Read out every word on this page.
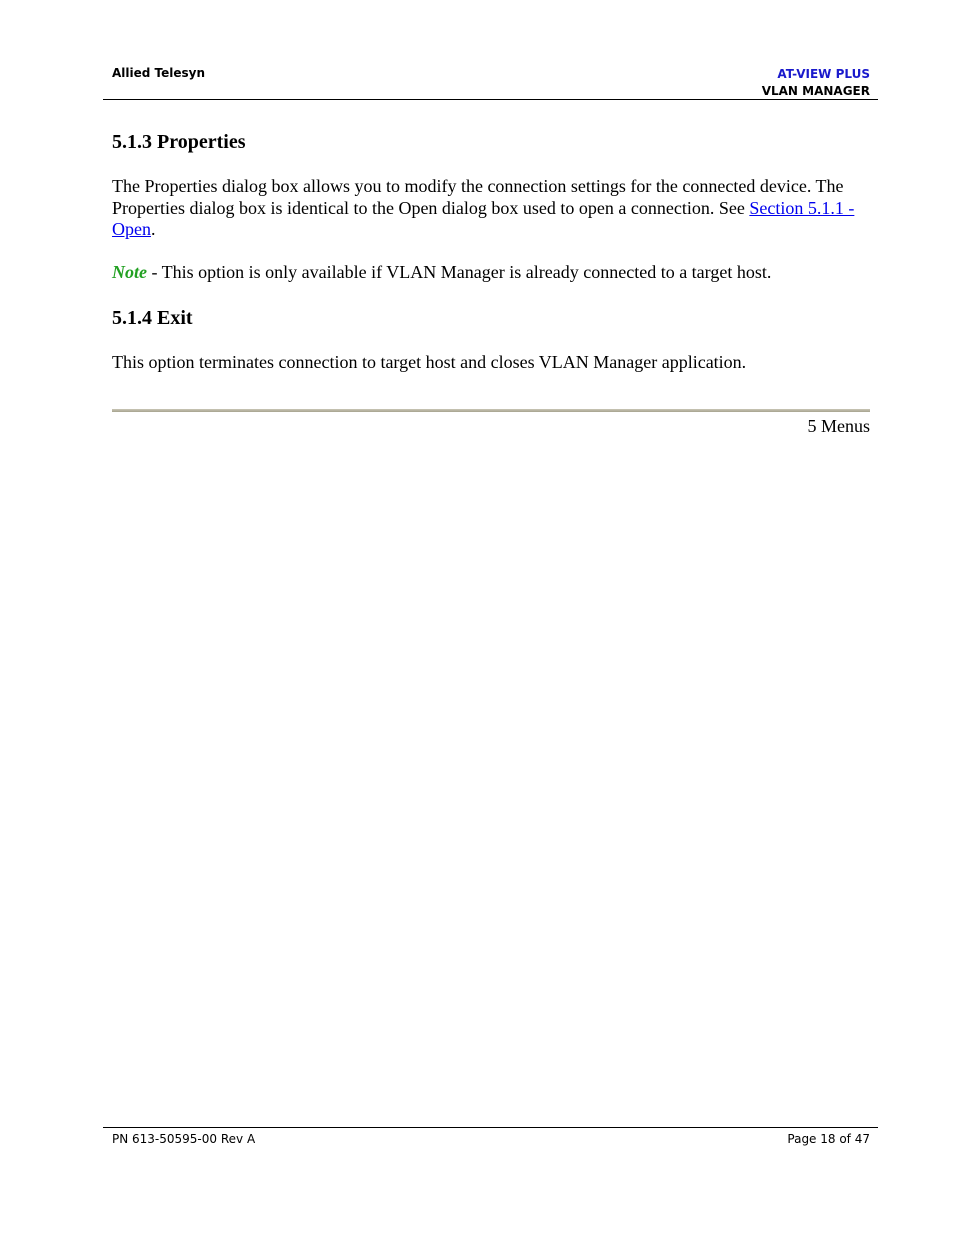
Allied Telesyn	AT-VIEW PLUS
VLAN MANAGER
5.1.3 Properties

The Properties dialog box allows you to modify the connection settings for the connected device. The Properties dialog box is identical to the Open dialog box used to open a connection. See Section 5.1.1 - Open.

Note - This option is only available if VLAN Manager is already connected to a target host.

5.1.4 Exit

This option terminates connection to target host and closes VLAN Manager application.

5 Menus
PN 613-50595-00 Rev A	Page 18 of 47
